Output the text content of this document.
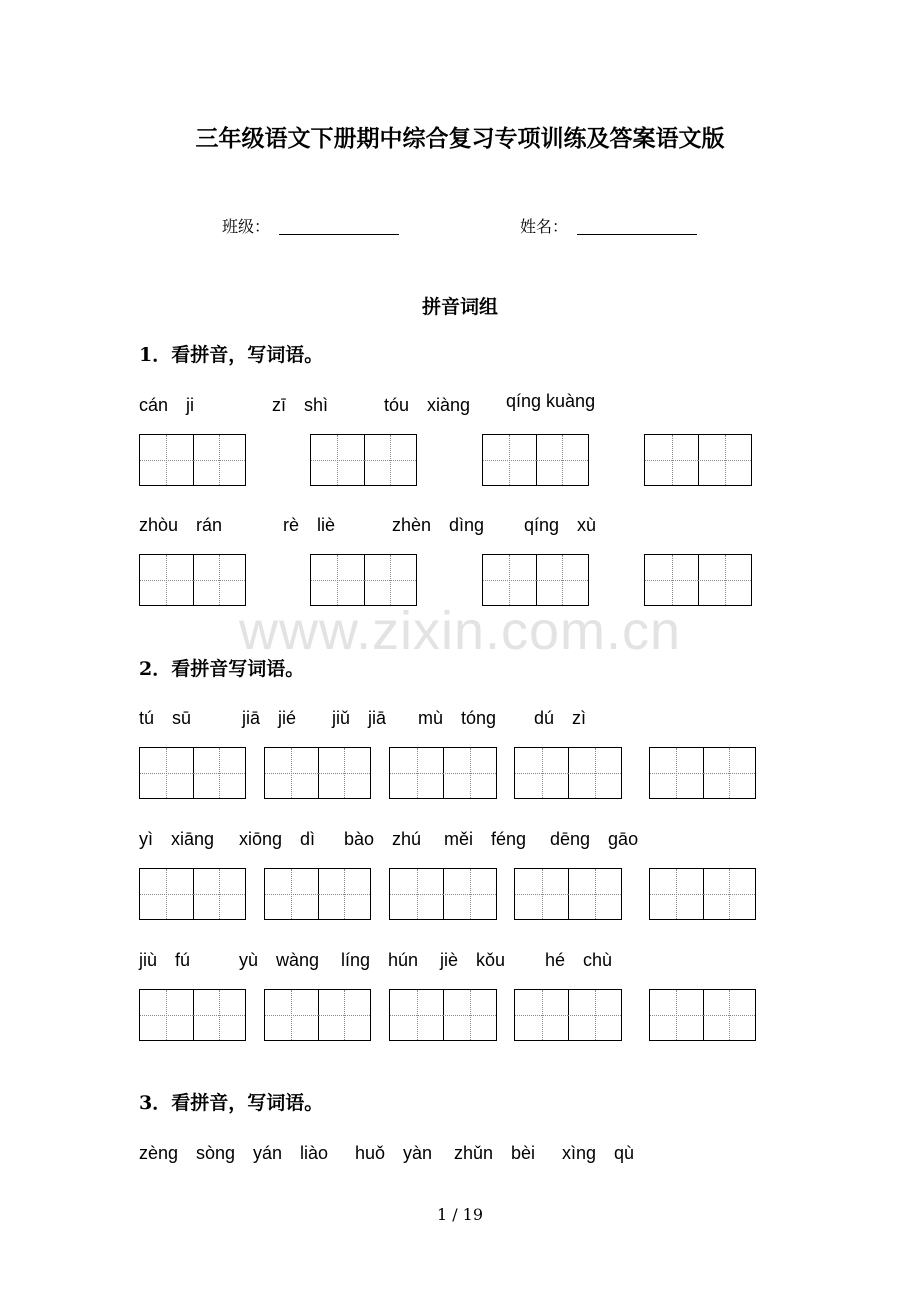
三年级语文下册期中综合复习专项训练及答案语文版
班级：	姓名：
拼音词组
www.zixin.com.cn
1．看拼音，写词语。
cán　ji	zī　shì	tóu　xiàng qíng kuàng
zhòu　rán	rè　liè	zhèn　dìng qíng　xù
2．看拼音写词语。
tú　sū	jiā　jié jiǔ　jiā mù　tóng dú　zì
yì　xiāng xiōng　dì bào　zhú měi　féng dēng　gāo
jiù　fú	yù　wàng líng　hún jiè　kǒu hé　chù
3．看拼音，写词语。
zèng　sòng yán　liào huǒ　yàn zhǔn　bèi xìng　qù
1 / 19
